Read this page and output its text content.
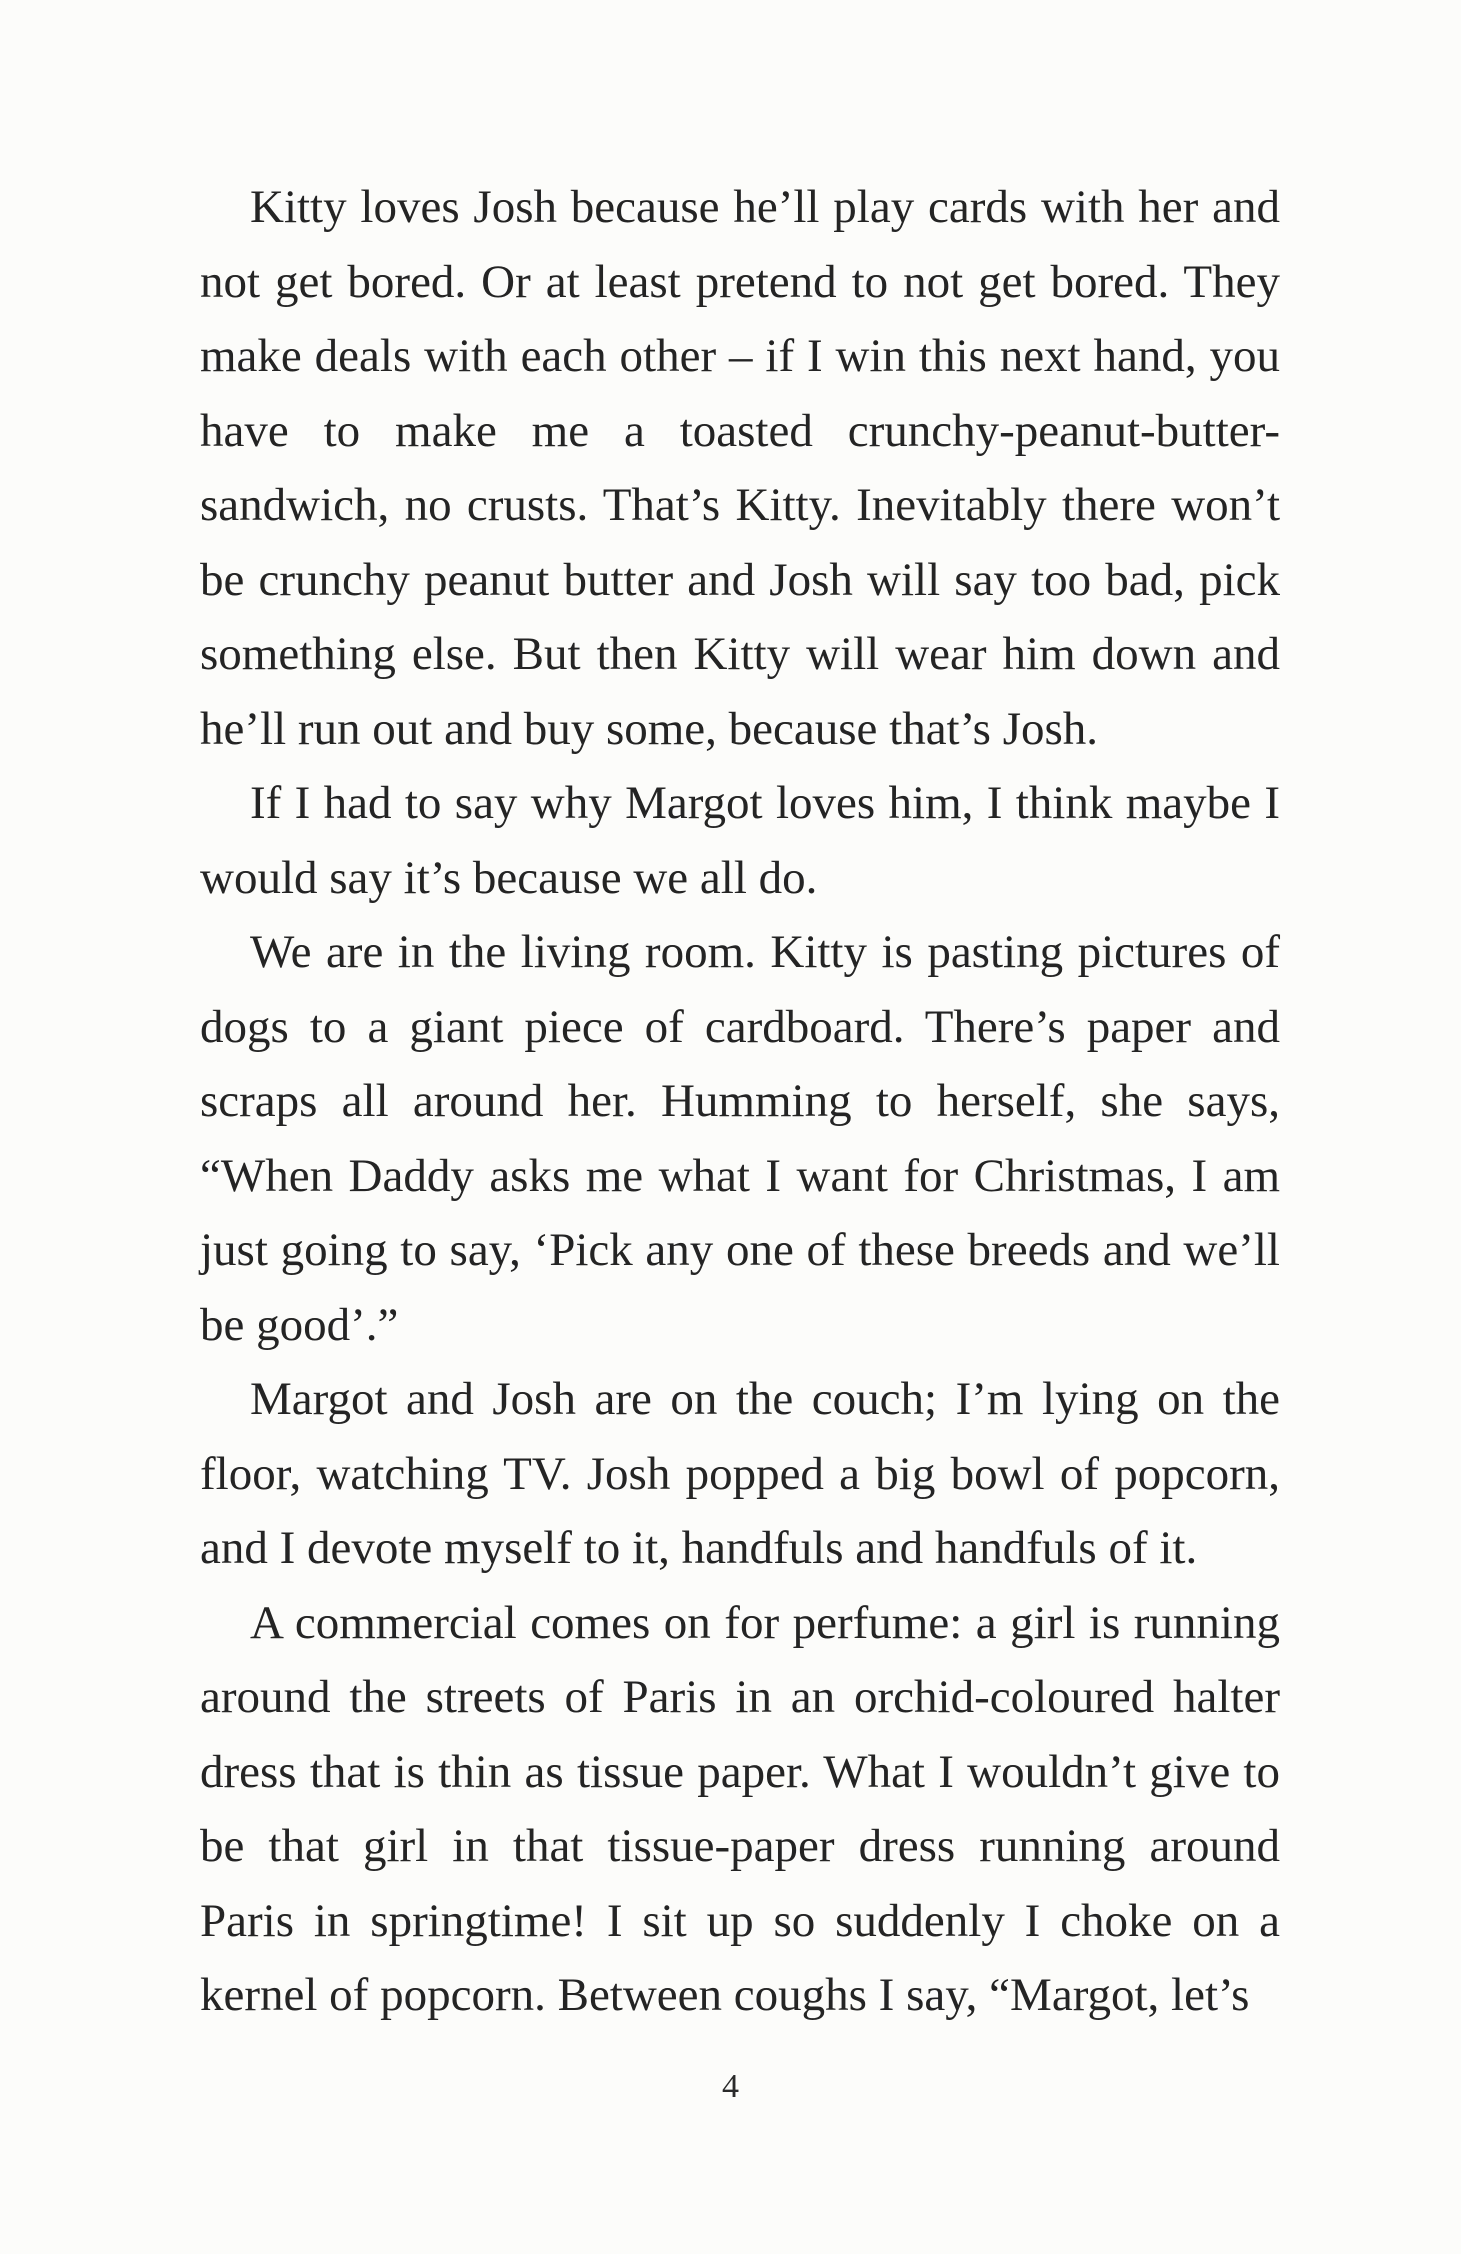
Kitty loves Josh because he’ll play cards with her and not get bored. Or at least pretend to not get bored. They make deals with each other – if I win this next hand, you have to make me a toasted crunchy-peanut-butter-sandwich, no crusts. That’s Kitty. Inevitably there won’t be crunchy peanut butter and Josh will say too bad, pick something else. But then Kitty will wear him down and he’ll run out and buy some, because that’s Josh.

If I had to say why Margot loves him, I think maybe I would say it’s because we all do.

We are in the living room. Kitty is pasting pictures of dogs to a giant piece of cardboard. There’s paper and scraps all around her. Humming to herself, she says, “When Daddy asks me what I want for Christmas, I am just going to say, ‘Pick any one of these breeds and we’ll be good’.”

Margot and Josh are on the couch; I’m lying on the floor, watching TV. Josh popped a big bowl of popcorn, and I devote myself to it, handfuls and handfuls of it.

A commercial comes on for perfume: a girl is running around the streets of Paris in an orchid-coloured halter dress that is thin as tissue paper. What I wouldn’t give to be that girl in that tissue-paper dress running around Paris in springtime! I sit up so suddenly I choke on a kernel of popcorn. Between coughs I say, “Margot, let’s

4
